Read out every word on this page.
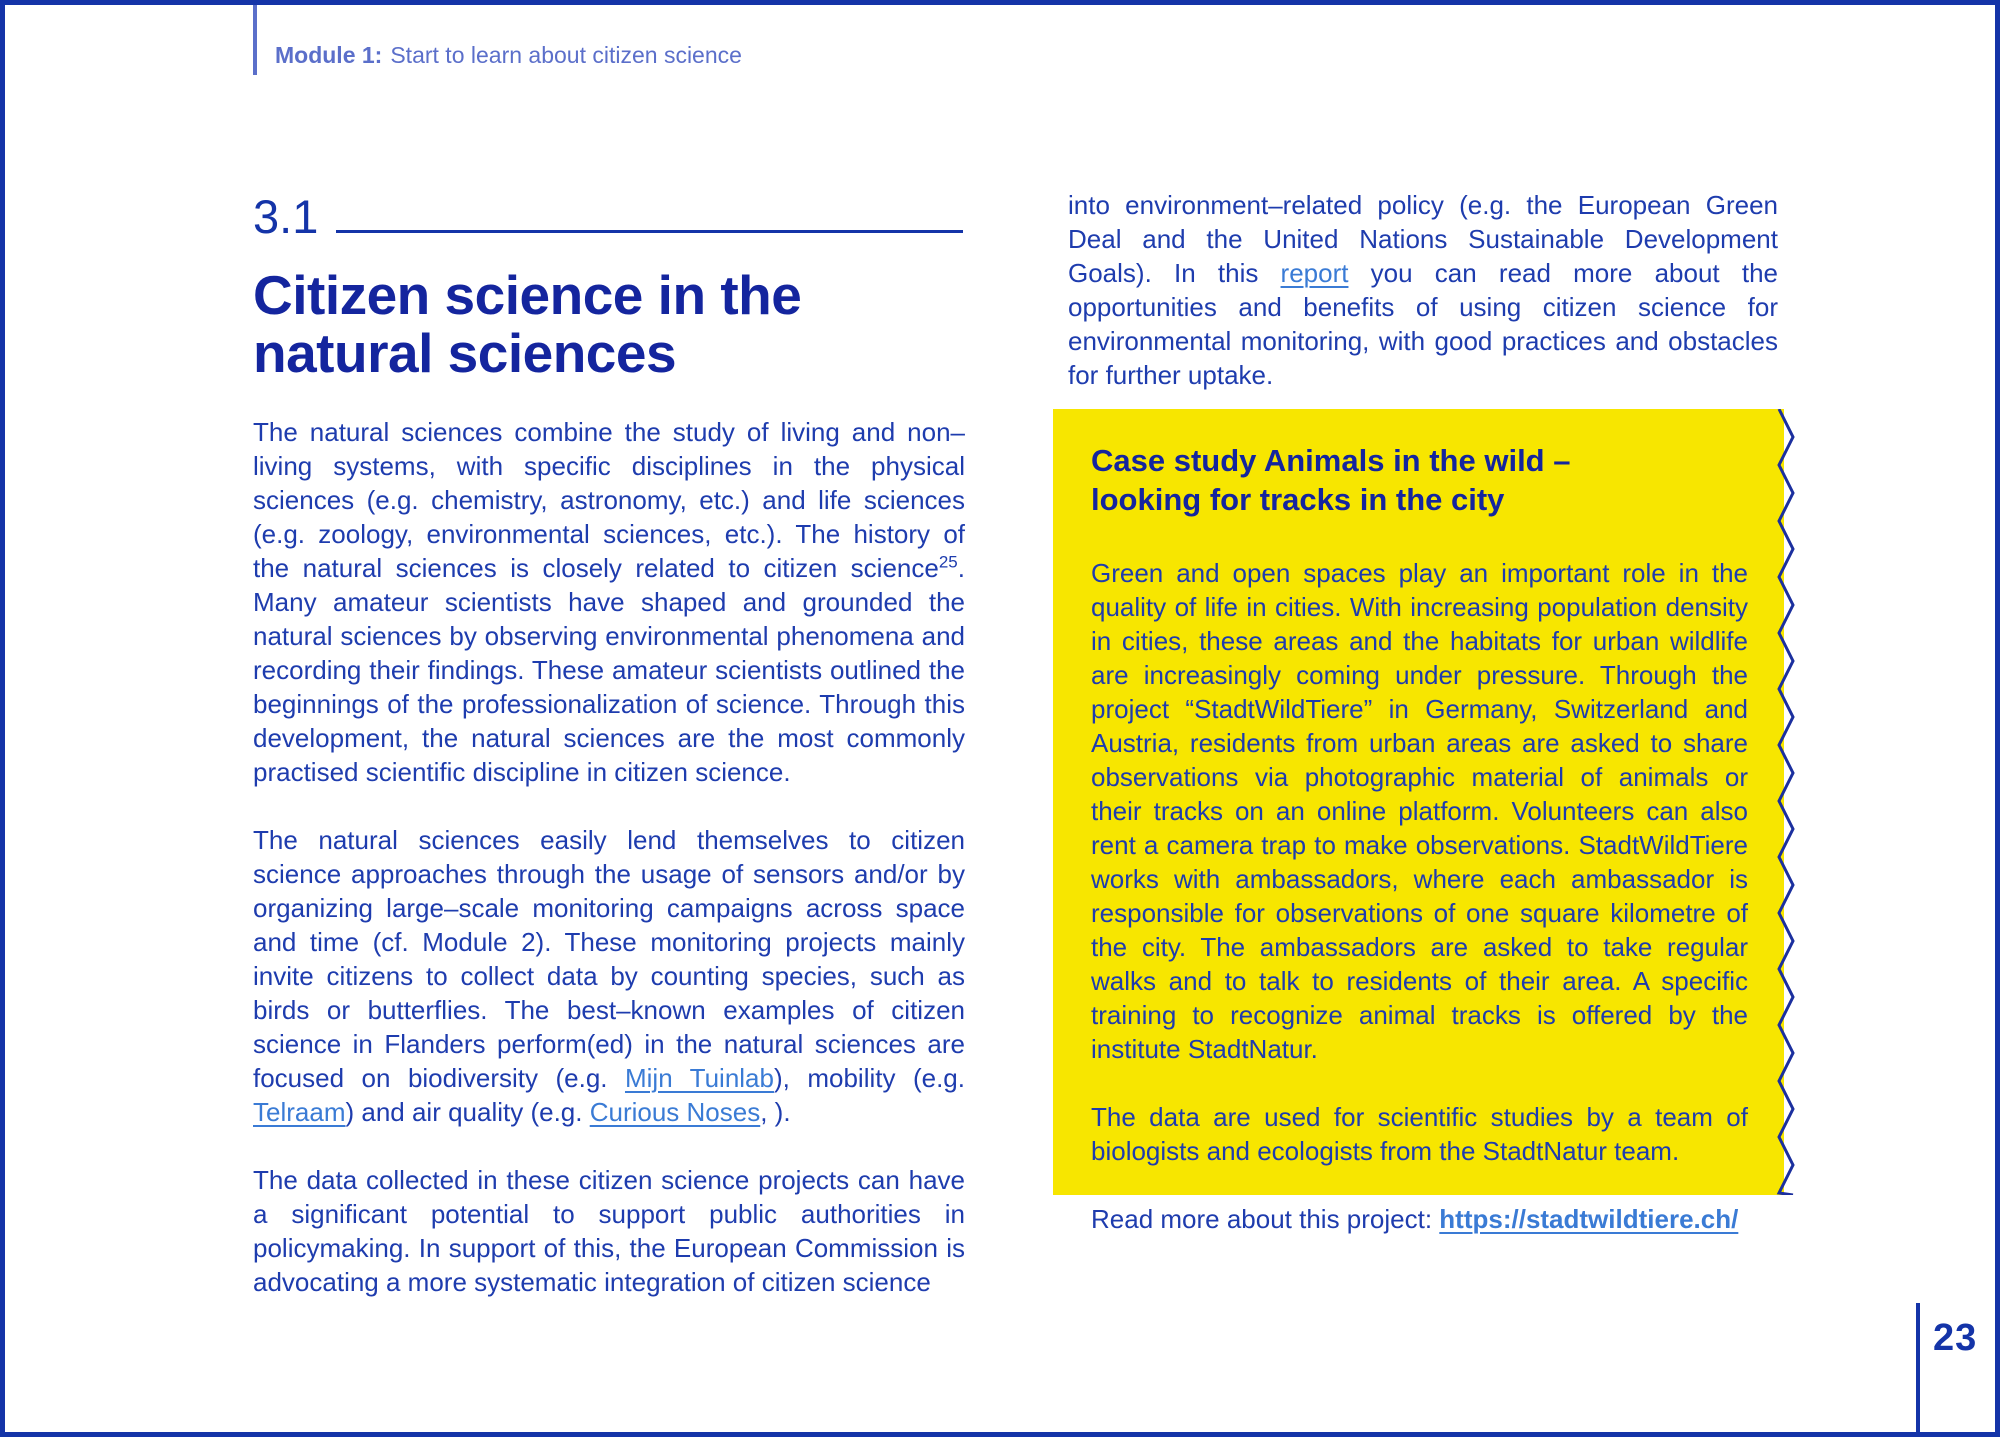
Module 1: Start to learn about citizen science
3.1
Citizen science in the natural sciences

The natural sciences combine the study of living and non–living systems, with specific disciplines in the physical sciences (e.g. chemistry, astronomy, etc.) and life sciences (e.g. zoology, environmental sciences, etc.). The history of the natural sciences is closely related to citizen science$^{25}$. Many amateur scientists have shaped and grounded the natural sciences by observing environmental phenomena and recording their findings. These amateur scientists outlined the beginnings of the professionalization of science. Through this development, the natural sciences are the most commonly practised scientific discipline in citizen science.

The natural sciences easily lend themselves to citizen science approaches through the usage of sensors and/or by organizing large–scale monitoring campaigns across space and time (cf. Module 2). These monitoring projects mainly invite citizens to collect data by counting species, such as birds or butterflies. The best–known examples of citizen science in Flanders perform(ed) in the natural sciences are focused on biodiversity (e.g. Mijn Tuinlab), mobility (e.g. Telraam) and air quality (e.g. Curious Noses, ).

The data collected in these citizen science projects can have a significant potential to support public authorities in policymaking. In support of this, the European Commission is advocating a more systematic integration of citizen science

into environment–related policy (e.g. the European Green Deal and the United Nations Sustainable Development Goals). In this report you can read more about the opportunities and benefits of using citizen science for environmental monitoring, with good practices and obstacles for further uptake.

Case study Animals in the wild –
looking for tracks in the city

Green and open spaces play an important role in the quality of life in cities. With increasing population density in cities, these areas and the habitats for urban wildlife are increasingly coming under pressure. Through the project “StadtWildTiere” in Germany, Switzerland and Austria, residents from urban areas are asked to share observations via photographic material of animals or their tracks on an online platform. Volunteers can also rent a camera trap to make observations. StadtWildTiere works with ambassadors, where each ambassador is responsible for observations of one square kilometre of the city. The ambassadors are asked to take regular walks and to talk to residents of their area. A specific training to recognize animal tracks is offered by the institute StadtNatur.

The data are used for scientific studies by a team of biologists and ecologists from the StadtNatur team.

Read more about this project: https://stadtwildtiere.ch/

23
